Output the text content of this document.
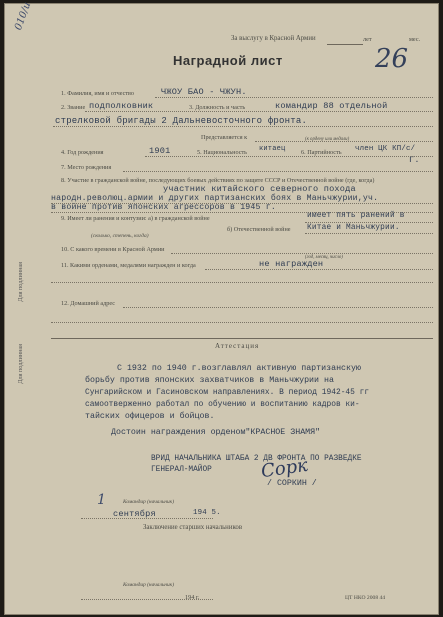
010/и
За выслугу в Красной Армии	лет	мес.
26
Наградной лист
Для подлинная
Для подлинная
1. Фамилия, имя и отчество	ЧЖОУ БАО - ЧЖУН.
2. Звание подполковник	3. Должность и часть	командир 88 отдельной
стрелковой бригады 2 Дальневосточного фронта.
Представляется к	(к ордену или медали)
4. Год рождения	1901	5. Национальность китаец	6. Партийность член ЦК КП/с/
Г.
7. Место рождения
8. Участие в гражданской войне, последующих боевых действиях по защите СССР и Отечественной войне (где, когда)
участник китайского северного похода
народн.революц.армии и других партизанских боях в Маньчжурии,уч.
в войне против японских агрессоров в 1945 г.
9. Имеет ли ранения и контузии: а) в гражданской войне	имеет пять ранений в
б) Отечественной войне Китае и Маньчжурии.
(сколько, степень, когда)
10. С какого времени в Красной Армии
(год, месяц, число)
11. Какими орденами, медалями награжден и когда	не награжден
12. Домашний адрес
Аттестация
С 1932 по 1940 г.возглавлял активную партизанскую
борьбу против японских захватчиков в Маньчжурии на
Сунгарийском и Гасиновском направлениях. В период 1942-45 гг
самоотверженно работал по обучению и воспитанию кадров ки-
тайских офицеров и бойцов.
Достоин награждения орденом"КРАСНОЕ ЗНАМЯ"
ВРИД НАЧАЛЬНИКА ШТАБА 2 ДВ ФРОНТА ПО РАЗВЕДКЕ
ГЕНЕРАЛ-МАЙОР
/ СОРКИН /
Сорк
1	Командир (начальник)
сентября	194 5.
Заключение старших начальников
Командир (начальник)
194 г.	ЦТ НКО 2008 44
